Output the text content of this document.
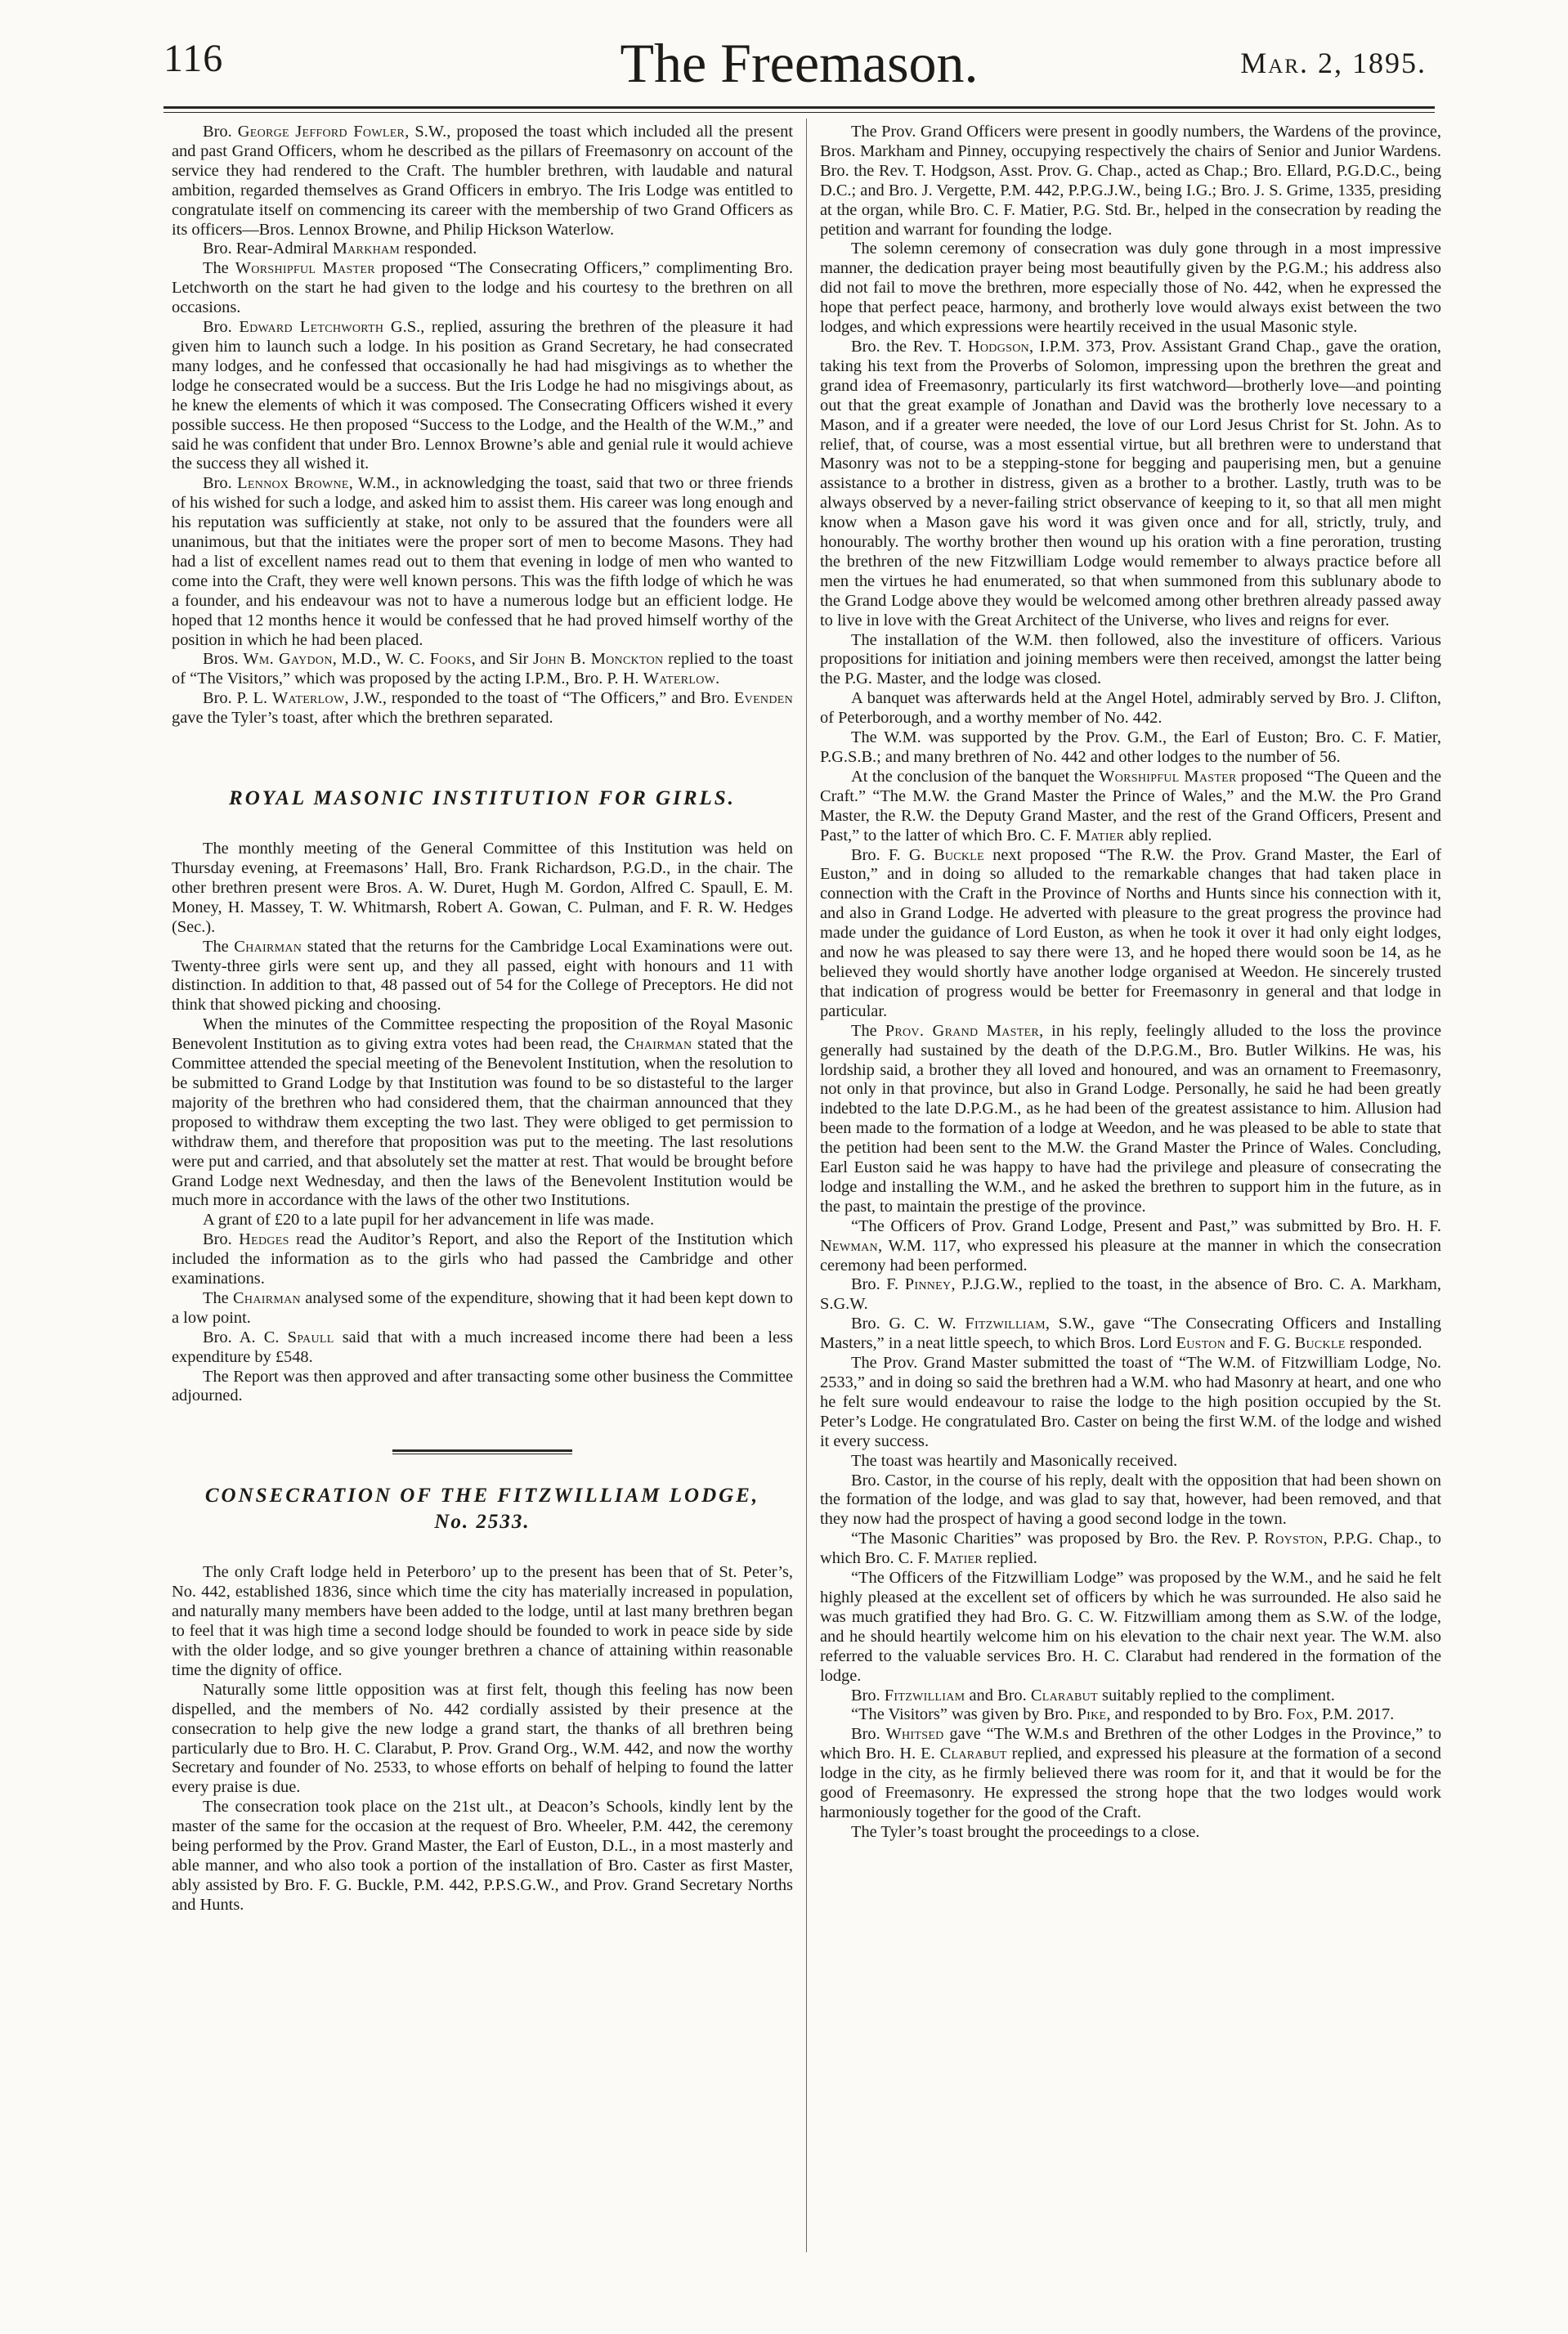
116	The Freemason.	Mar. 2, 1895.

Bro. George Jefford Fowler, S.W., proposed the toast which included all the present and past Grand Officers, whom he described as the pillars of Freemasonry on account of the service they had rendered to the Craft. The humbler brethren, with laudable and natural ambition, regarded themselves as Grand Officers in embryo. The Iris Lodge was entitled to congratulate itself on commencing its career with the membership of two Grand Officers as its officers—Bros. Lennox Browne, and Philip Hickson Waterlow.

Bro. Rear-Admiral Markham responded.

The Worshipful Master proposed “The Consecrating Officers,” complimenting Bro. Letchworth on the start he had given to the lodge and his courtesy to the brethren on all occasions.

Bro. Edward Letchworth G.S., replied, assuring the brethren of the pleasure it had given him to launch such a lodge. In his position as Grand Secretary, he had consecrated many lodges, and he confessed that occasionally he had had misgivings as to whether the lodge he consecrated would be a success. But the Iris Lodge he had no misgivings about, as he knew the elements of which it was composed. The Consecrating Officers wished it every possible success. He then proposed “Success to the Lodge, and the Health of the W.M.,” and said he was confident that under Bro. Lennox Browne’s able and genial rule it would achieve the success they all wished it.

Bro. Lennox Browne, W.M., in acknowledging the toast, said that two or three friends of his wished for such a lodge, and asked him to assist them. His career was long enough and his reputation was sufficiently at stake, not only to be assured that the founders were all unanimous, but that the initiates were the proper sort of men to become Masons. They had had a list of excellent names read out to them that evening in lodge of men who wanted to come into the Craft, they were well known persons. This was the fifth lodge of which he was a founder, and his endeavour was not to have a numerous lodge but an efficient lodge. He hoped that 12 months hence it would be confessed that he had proved himself worthy of the position in which he had been placed.

Bros. Wm. Gaydon, M.D., W. C. Fooks, and Sir John B. Monckton replied to the toast of “The Visitors,” which was proposed by the acting I.P.M., Bro. P. H. Waterlow.

Bro. P. L. Waterlow, J.W., responded to the toast of “The Officers,” and Bro. Evenden gave the Tyler’s toast, after which the brethren separated.

ROYAL MASONIC INSTITUTION FOR GIRLS.

The monthly meeting of the General Committee of this Institution was held on Thursday evening, at Freemasons’ Hall, Bro. Frank Richardson, P.G.D., in the chair. The other brethren present were Bros. A. W. Duret, Hugh M. Gordon, Alfred C. Spaull, E. M. Money, H. Massey, T. W. Whitmarsh, Robert A. Gowan, C. Pulman, and F. R. W. Hedges (Sec.).

The Chairman stated that the returns for the Cambridge Local Examinations were out. Twenty-three girls were sent up, and they all passed, eight with honours and 11 with distinction. In addition to that, 48 passed out of 54 for the College of Preceptors. He did not think that showed picking and choosing.

When the minutes of the Committee respecting the proposition of the Royal Masonic Benevolent Institution as to giving extra votes had been read, the Chairman stated that the Committee attended the special meeting of the Benevolent Institution, when the resolution to be submitted to Grand Lodge by that Institution was found to be so distasteful to the larger majority of the brethren who had considered them, that the chairman announced that they proposed to withdraw them excepting the two last. They were obliged to get permission to withdraw them, and therefore that proposition was put to the meeting. The last resolutions were put and carried, and that absolutely set the matter at rest. That would be brought before Grand Lodge next Wednesday, and then the laws of the Benevolent Institution would be much more in accordance with the laws of the other two Institutions.

A grant of £20 to a late pupil for her advancement in life was made.

Bro. Hedges read the Auditor’s Report, and also the Report of the Institution which included the information as to the girls who had passed the Cambridge and other examinations.

The Chairman analysed some of the expenditure, showing that it had been kept down to a low point.

Bro. A. C. Spaull said that with a much increased income there had been a less expenditure by £548.

The Report was then approved and after transacting some other business the Committee adjourned.

CONSECRATION OF THE FITZWILLIAM LODGE,
No. 2533.

The only Craft lodge held in Peterboro’ up to the present has been that of St. Peter’s, No. 442, established 1836, since which time the city has materially increased in population, and naturally many members have been added to the lodge, until at last many brethren began to feel that it was high time a second lodge should be founded to work in peace side by side with the older lodge, and so give younger brethren a chance of attaining within reasonable time the dignity of office.

Naturally some little opposition was at first felt, though this feeling has now been dispelled, and the members of No. 442 cordially assisted by their presence at the consecration to help give the new lodge a grand start, the thanks of all brethren being particularly due to Bro. H. C. Clarabut, P. Prov. Grand Org., W.M. 442, and now the worthy Secretary and founder of No. 2533, to whose efforts on behalf of helping to found the latter every praise is due.

The consecration took place on the 21st ult., at Deacon’s Schools, kindly lent by the master of the same for the occasion at the request of Bro. Wheeler, P.M. 442, the ceremony being performed by the Prov. Grand Master, the Earl of Euston, D.L., in a most masterly and able manner, and who also took a portion of the installation of Bro. Caster as first Master, ably assisted by Bro. F. G. Buckle, P.M. 442, P.P.S.G.W., and Prov. Grand Secretary Norths and Hunts.

The Prov. Grand Officers were present in goodly numbers, the Wardens of the province, Bros. Markham and Pinney, occupying respectively the chairs of Senior and Junior Wardens. Bro. the Rev. T. Hodgson, Asst. Prov. G. Chap., acted as Chap.; Bro. Ellard, P.G.D.C., being D.C.; and Bro. J. Vergette, P.M. 442, P.P.G.J.W., being I.G.; Bro. J. S. Grime, 1335, presiding at the organ, while Bro. C. F. Matier, P.G. Std. Br., helped in the consecration by reading the petition and warrant for founding the lodge.

The solemn ceremony of consecration was duly gone through in a most impressive manner, the dedication prayer being most beautifully given by the P.G.M.; his address also did not fail to move the brethren, more especially those of No. 442, when he expressed the hope that perfect peace, harmony, and brotherly love would always exist between the two lodges, and which expressions were heartily received in the usual Masonic style.

Bro. the Rev. T. Hodgson, I.P.M. 373, Prov. Assistant Grand Chap., gave the oration, taking his text from the Proverbs of Solomon, impressing upon the brethren the great and grand idea of Freemasonry, particularly its first watchword—brotherly love—and pointing out that the great example of Jonathan and David was the brotherly love necessary to a Mason, and if a greater were needed, the love of our Lord Jesus Christ for St. John. As to relief, that, of course, was a most essential virtue, but all brethren were to understand that Masonry was not to be a stepping-stone for begging and pauperising men, but a genuine assistance to a brother in distress, given as a brother to a brother. Lastly, truth was to be always observed by a never-failing strict observance of keeping to it, so that all men might know when a Mason gave his word it was given once and for all, strictly, truly, and honourably. The worthy brother then wound up his oration with a fine peroration, trusting the brethren of the new Fitzwilliam Lodge would remember to always practice before all men the virtues he had enumerated, so that when summoned from this sublunary abode to the Grand Lodge above they would be welcomed among other brethren already passed away to live in love with the Great Architect of the Universe, who lives and reigns for ever.

The installation of the W.M. then followed, also the investiture of officers. Various propositions for initiation and joining members were then received, amongst the latter being the P.G. Master, and the lodge was closed.

A banquet was afterwards held at the Angel Hotel, admirably served by Bro. J. Clifton, of Peterborough, and a worthy member of No. 442.

The W.M. was supported by the Prov. G.M., the Earl of Euston; Bro. C. F. Matier, P.G.S.B.; and many brethren of No. 442 and other lodges to the number of 56.

At the conclusion of the banquet the Worshipful Master proposed “The Queen and the Craft.” “The M.W. the Grand Master the Prince of Wales,” and the M.W. the Pro Grand Master, the R.W. the Deputy Grand Master, and the rest of the Grand Officers, Present and Past,” to the latter of which Bro. C. F. Matier ably replied.

Bro. F. G. Buckle next proposed “The R.W. the Prov. Grand Master, the Earl of Euston,” and in doing so alluded to the remarkable changes that had taken place in connection with the Craft in the Province of Norths and Hunts since his connection with it, and also in Grand Lodge. He adverted with pleasure to the great progress the province had made under the guidance of Lord Euston, as when he took it over it had only eight lodges, and now he was pleased to say there were 13, and he hoped there would soon be 14, as he believed they would shortly have another lodge organised at Weedon. He sincerely trusted that indication of progress would be better for Freemasonry in general and that lodge in particular.

The Prov. Grand Master, in his reply, feelingly alluded to the loss the province generally had sustained by the death of the D.P.G.M., Bro. Butler Wilkins. He was, his lordship said, a brother they all loved and honoured, and was an ornament to Freemasonry, not only in that province, but also in Grand Lodge. Personally, he said he had been greatly indebted to the late D.P.G.M., as he had been of the greatest assistance to him. Allusion had been made to the formation of a lodge at Weedon, and he was pleased to be able to state that the petition had been sent to the M.W. the Grand Master the Prince of Wales. Concluding, Earl Euston said he was happy to have had the privilege and pleasure of consecrating the lodge and installing the W.M., and he asked the brethren to support him in the future, as in the past, to maintain the prestige of the province.

“The Officers of Prov. Grand Lodge, Present and Past,” was submitted by Bro. H. F. Newman, W.M. 117, who expressed his pleasure at the manner in which the consecration ceremony had been performed.

Bro. F. Pinney, P.J.G.W., replied to the toast, in the absence of Bro. C. A. Markham, S.G.W.

Bro. G. C. W. Fitzwilliam, S.W., gave “The Consecrating Officers and Installing Masters,” in a neat little speech, to which Bros. Lord Euston and F. G. Buckle responded.

The Prov. Grand Master submitted the toast of “The W.M. of Fitzwilliam Lodge, No. 2533,” and in doing so said the brethren had a W.M. who had Masonry at heart, and one who he felt sure would endeavour to raise the lodge to the high position occupied by the St. Peter’s Lodge. He congratulated Bro. Caster on being the first W.M. of the lodge and wished it every success.

The toast was heartily and Masonically received.

Bro. Castor, in the course of his reply, dealt with the opposition that had been shown on the formation of the lodge, and was glad to say that, however, had been removed, and that they now had the prospect of having a good second lodge in the town.

“The Masonic Charities” was proposed by Bro. the Rev. P. Royston, P.P.G. Chap., to which Bro. C. F. Matier replied.

“The Officers of the Fitzwilliam Lodge” was proposed by the W.M., and he said he felt highly pleased at the excellent set of officers by which he was surrounded. He also said he was much gratified they had Bro. G. C. W. Fitzwilliam among them as S.W. of the lodge, and he should heartily welcome him on his elevation to the chair next year. The W.M. also referred to the valuable services Bro. H. C. Clarabut had rendered in the formation of the lodge.

Bro. Fitzwilliam and Bro. Clarabut suitably replied to the compliment.

“The Visitors” was given by Bro. Pike, and responded to by Bro. Fox, P.M. 2017.

Bro. Whitsed gave “The W.M.s and Brethren of the other Lodges in the Province,” to which Bro. H. E. Clarabut replied, and expressed his pleasure at the formation of a second lodge in the city, as he firmly believed there was room for it, and that it would be for the good of Freemasonry. He expressed the strong hope that the two lodges would work harmoniously together for the good of the Craft.

The Tyler’s toast brought the proceedings to a close.
